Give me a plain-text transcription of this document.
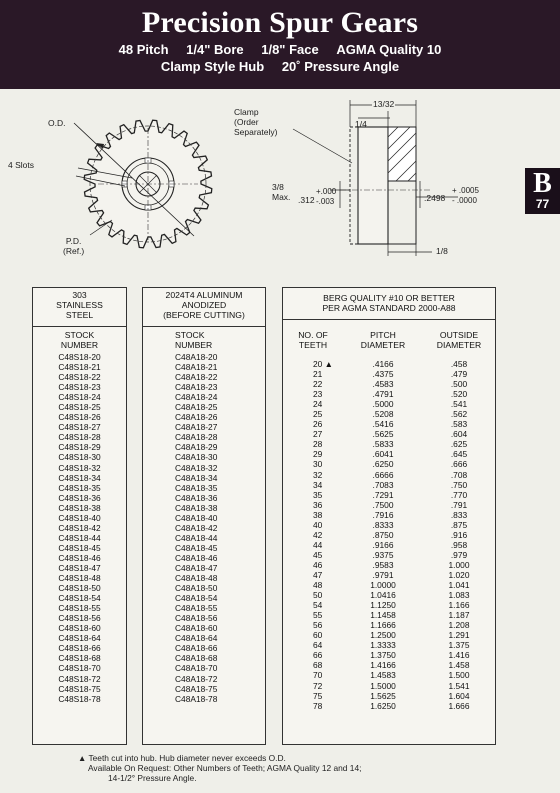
Precision Spur Gears
48 Pitch 1/4" Bore 1/8" Face AGMA Quality 10
Clamp Style Hub 20˚ Pressure Angle
B
77
O.D.
4 Slots
P.D.
(Ref.)
Clamp
(Order
Separately)
13/32
1/4
3/8
Max. .312
+.000
-.003	.2498
+ .0005
- .0000
1/8
303
STAINLESS
STEEL
STOCK
NUMBER
C48S18-20
C48S18-21
C48S18-22
C48S18-23
C48S18-24
C48S18-25
C48S18-26
C48S18-27
C48S18-28
C48S18-29
C48S18-30
C48S18-32
C48S18-34
C48S18-35
C48S18-36
C48S18-38
C48S18-40
C48S18-42
C48S18-44
C48S18-45
C48S18-46
C48S18-47
C48S18-48
C48S18-50
C48S18-54
C48S18-55
C48S18-56
C48S18-60
C48S18-64
C48S18-66
C48S18-68
C48S18-70
C48S18-72
C48S18-75
C48S18-78
2024T4 ALUMINUM
ANODIZED
(BEFORE CUTTING)
STOCK
NUMBER
C48A18-20
C48A18-21
C48A18-22
C48A18-23
C48A18-24
C48A18-25
C48A18-26
C48A18-27
C48A18-28
C48A18-29
C48A18-30
C48A18-32
C48A18-34
C48A18-35
C48A18-36
C48A18-38
C48A18-40
C48A18-42
C48A18-44
C48A18-45
C48A18-46
C48A18-47
C48A18-48
C48A18-50
C48A18-54
C48A18-55
C48A18-56
C48A18-60
C48A18-64
C48A18-66
C48A18-68
C48A18-70
C48A18-72
C48A18-75
C48A18-78
BERG QUALITY #10 OR BETTER
PER AGMA STANDARD 2000-A88
NO. OF
TEETH
PITCH
DIAMETER
OUTSIDE
DIAMETER
20 ▲
21
22
23
24
25
26
27
28
29
30
32
34
35
36
38
40
42
44
45
46
47
48
50
54
55
56
60
64
66
68
70
72
75
78
.4166
.4375
.4583
.4791
.5000
.5208
.5416
.5625
.5833
.6041
.6250
.6666
.7083
.7291
.7500
.7916
.8333
.8750
.9166
.9375
.9583
.9791
1.0000
1.0416
1.1250
1.1458
1.1666
1.2500
1.3333
1.3750
1.4166
1.4583
1.5000
1.5625
1.6250
.458
.479
.500
.520
.541
.562
.583
.604
.625
.645
.666
.708
.750
.770
.791
.833
.875
.916
.958
.979
1.000
1.020
1.041
1.083
1.166
1.187
1.208
1.291
1.375
1.416
1.458
1.500
1.541
1.604
1.666
▲ Teeth cut into hub. Hub diameter never exceeds O.D.
Available On Request: Other Numbers of Teeth; AGMA Quality 12 and 14;
14-1/2° Pressure Angle.
